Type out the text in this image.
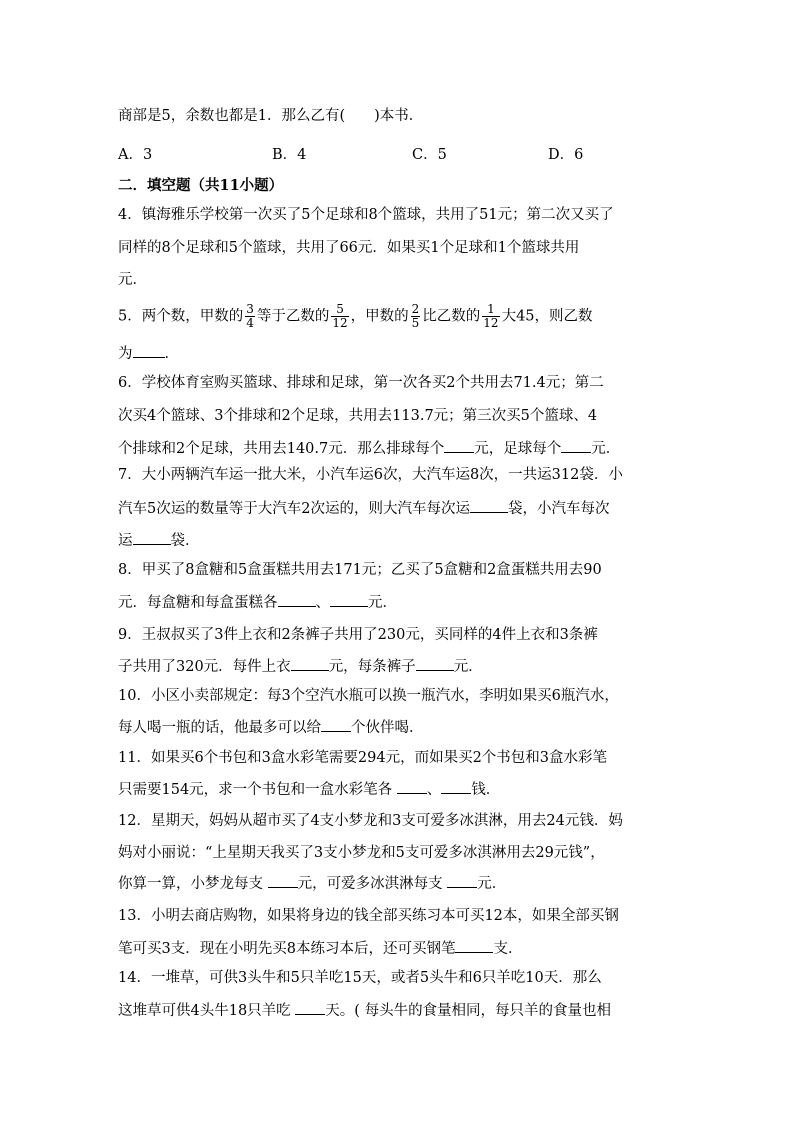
商部是5，余数也都是1．那么乙有(　　)本书．
A．3	B．4	C．5	D．6
二．填空题（共11小题）
4．镇海雅乐学校第一次买了5个足球和8个篮球，共用了51元；第二次又买了
同样的8个足球和5个篮球，共用了66元．如果买1个足球和1个篮球共用
元．
5．两个数，甲数的 $\frac{3}{4}$ 等于乙数的 $\frac{5}{12}$ ，甲数的 $\frac{2}{5}$ 比乙数的 $\frac{1}{12}$ 大45，则乙数
为 ．
6．学校体育室购买篮球、排球和足球，第一次各买2个共用去71.4元；第二
次买4个篮球、3个排球和2个足球，共用去113.7元；第三次买5个篮球、4
个排球和2个足球，共用去140.7元．那么排球每个 元，足球每个 元．
7．大小两辆汽车运一批大米，小汽车运6次，大汽车运8次，一共运312袋．小
汽车5次运的数量等于大汽车2次运的，则大汽车每次运	袋，小汽车每次
运	袋．
8．甲买了8盒糖和5盒蛋糕共用去171元；乙买了5盒糖和2盒蛋糕共用去90
元．每盒糖和每盒蛋糕各	、	元．
9．王叔叔买了3件上衣和2条裤子共用了230元，买同样的4件上衣和3条裤
子共用了320元．每件上衣	元，每条裤子	元．
10．小区小卖部规定：每3个空汽水瓶可以换一瓶汽水，李明如果买6瓶汽水，
每人喝一瓶的话，他最多可以给 个伙伴喝．
11．如果买6个书包和3盒水彩笔需要294元，而如果买2个书包和3盒水彩笔
只需要154元，求一个书包和一盒水彩笔各 、 钱．
12．星期天，妈妈从超市买了4支小梦龙和3支可爱多冰淇淋，用去24元钱．妈
妈对小丽说：“上星期天我买了3支小梦龙和5支可爱多冰淇淋用去29元钱”，
你算一算，小梦龙每支 元，可爱多冰淇淋每支 元．
13．小明去商店购物，如果将身边的钱全部买练习本可买12本，如果全部买钢
笔可买3支．现在小明先买8本练习本后，还可买钢笔	支．
14．一堆草，可供3头牛和5只羊吃15天，或者5头牛和6只羊吃10天．那么
这堆草可供4头牛18只羊吃 天。( 每头牛的食量相同，每只羊的食量也相
